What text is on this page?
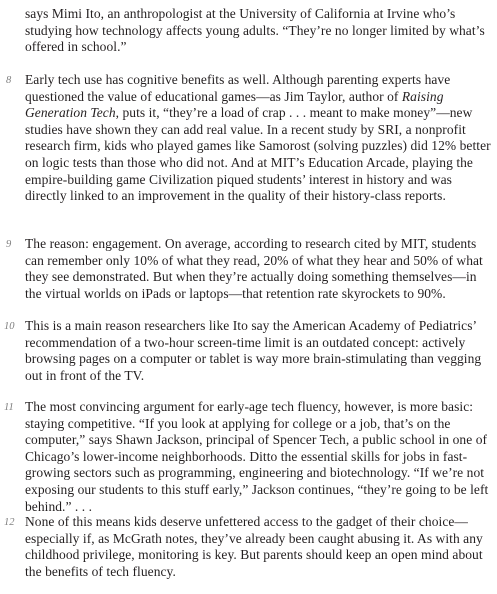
says Mimi Ito, an anthropologist at the University of California at Irvine who’s studying how technology affects young adults. “They’re no longer limited by what’s offered in school.”
8	Early tech use has cognitive benefits as well. Although parenting experts have questioned the value of educational games—as Jim Taylor, author of Raising Generation Tech, puts it, “they’re a load of crap . . . meant to make money”—new studies have shown they can add real value. In a recent study by SRI, a nonprofit research firm, kids who played games like Samorost (solving puzzles) did 12% better on logic tests than those who did not. And at MIT’s Education Arcade, playing the empire-building game Civilization piqued students’ interest in history and was directly linked to an improvement in the quality of their history-class reports.
9	The reason: engagement. On average, according to research cited by MIT, students can remember only 10% of what they read, 20% of what they hear and 50% of what they see demonstrated. But when they’re actually doing something themselves—in the virtual worlds on iPads or laptops—that retention rate skyrockets to 90%.
10 This is a main reason researchers like Ito say the American Academy of Pediatrics’ recommendation of a two-hour screen-time limit is an outdated concept: actively browsing pages on a computer or tablet is way more brain-stimulating than vegging out in front of the TV.
11 The most convincing argument for early-age tech fluency, however, is more basic: staying competitive. “If you look at applying for college or a job, that’s on the computer,” says Shawn Jackson, principal of Spencer Tech, a public school in one of Chicago’s lower-income neighborhoods. Ditto the essential skills for jobs in fast-growing sectors such as programming, engineering and biotechnology. “If we’re not exposing our students to this stuff early,” Jackson continues, “they’re going to be left behind.” . . .
12 None of this means kids deserve unfettered access to the gadget of their choice—especially if, as McGrath notes, they’ve already been caught abusing it. As with any childhood privilege, monitoring is key. But parents should keep an open mind about the benefits of tech fluency.
